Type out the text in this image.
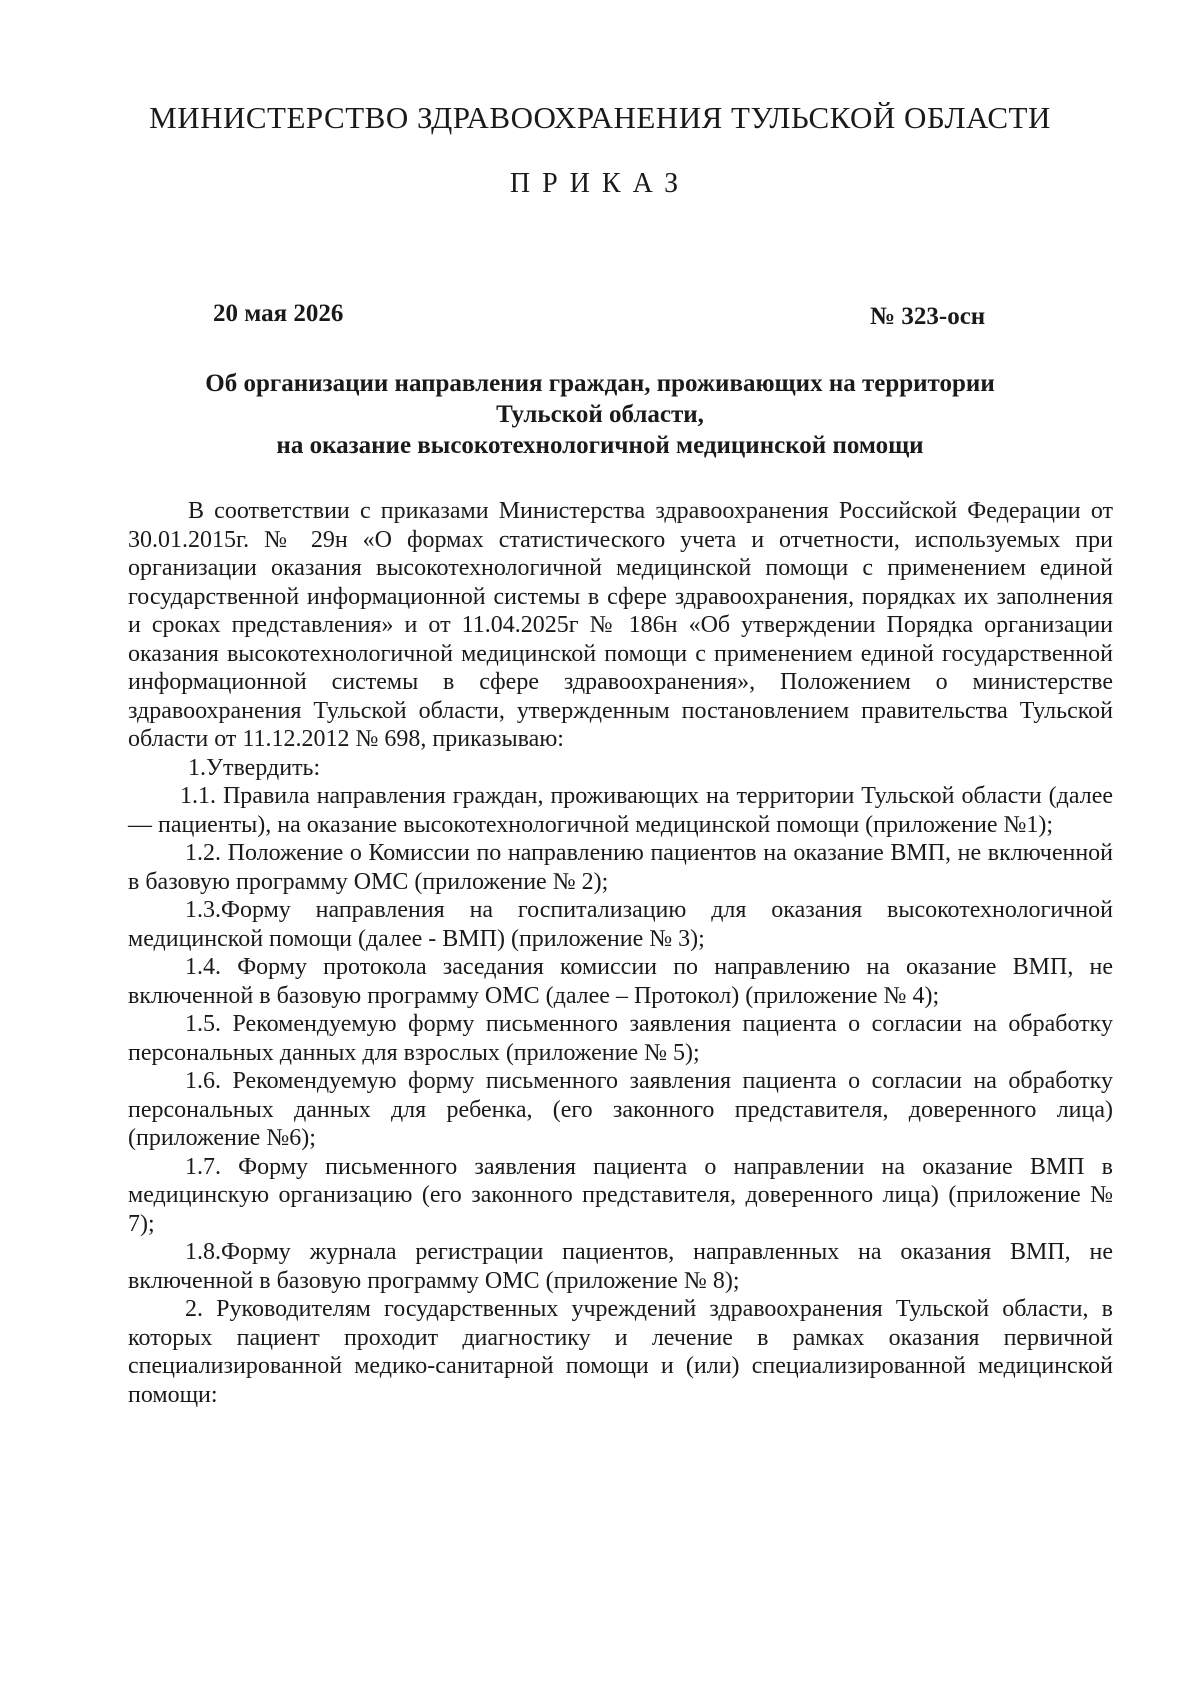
МИНИСТЕРСТВО ЗДРАВООХРАНЕНИЯ ТУЛЬСКОЙ ОБЛАСТИ
ПРИКАЗ
20 мая 2026	№ 323-осн
Об организации направления граждан, проживающих на территории
Тульской области,
на оказание высокотехнологичной медицинской помощи

В соответствии с приказами Министерства здравоохранения Российской Федерации от 30.01.2015г. № 29н «О формах статистического учета и отчетности, используемых при организации оказания высокотехнологичной медицинской помощи с применением единой государственной информационной системы в сфере здравоохранения, порядках их заполнения и сроках представления» и от 11.04.2025г № 186н «Об утверждении Порядка организации оказания высокотехнологичной медицинской помощи с применением единой государственной информационной системы в сфере здравоохранения», Положением о министерстве здравоохранения Тульской области, утвержденным постановлением правительства Тульской области от 11.12.2012 № 698, приказываю:

1.Утвердить:

1.1. Правила направления граждан, проживающих на территории Тульской области (далее — пациенты), на оказание высокотехнологичной медицинской помощи (приложение №1);

1.2. Положение о Комиссии по направлению пациентов на оказание ВМП, не включенной в базовую программу ОМС (приложение № 2);

1.3.Форму направления на госпитализацию для оказания высокотехнологичной медицинской помощи (далее - ВМП) (приложение № 3);

1.4. Форму протокола заседания комиссии по направлению на оказание ВМП, не включенной в базовую программу ОМС (далее – Протокол) (приложение № 4);

1.5. Рекомендуемую форму письменного заявления пациента о согласии на обработку персональных данных для взрослых (приложение № 5);

1.6. Рекомендуемую форму письменного заявления пациента о согласии на обработку персональных данных для ребенка, (его законного представителя, доверенного лица) (приложение №6);

1.7. Форму письменного заявления пациента о направлении на оказание ВМП в медицинскую организацию (его законного представителя, доверенного лица) (приложение № 7);

1.8.Форму журнала регистрации пациентов, направленных на оказания ВМП, не включенной в базовую программу ОМС (приложение № 8);

2. Руководителям государственных учреждений здравоохранения Тульской области, в которых пациент проходит диагностику и лечение в рамках оказания первичной специализированной медико-санитарной помощи и (или) специализированной медицинской помощи:
